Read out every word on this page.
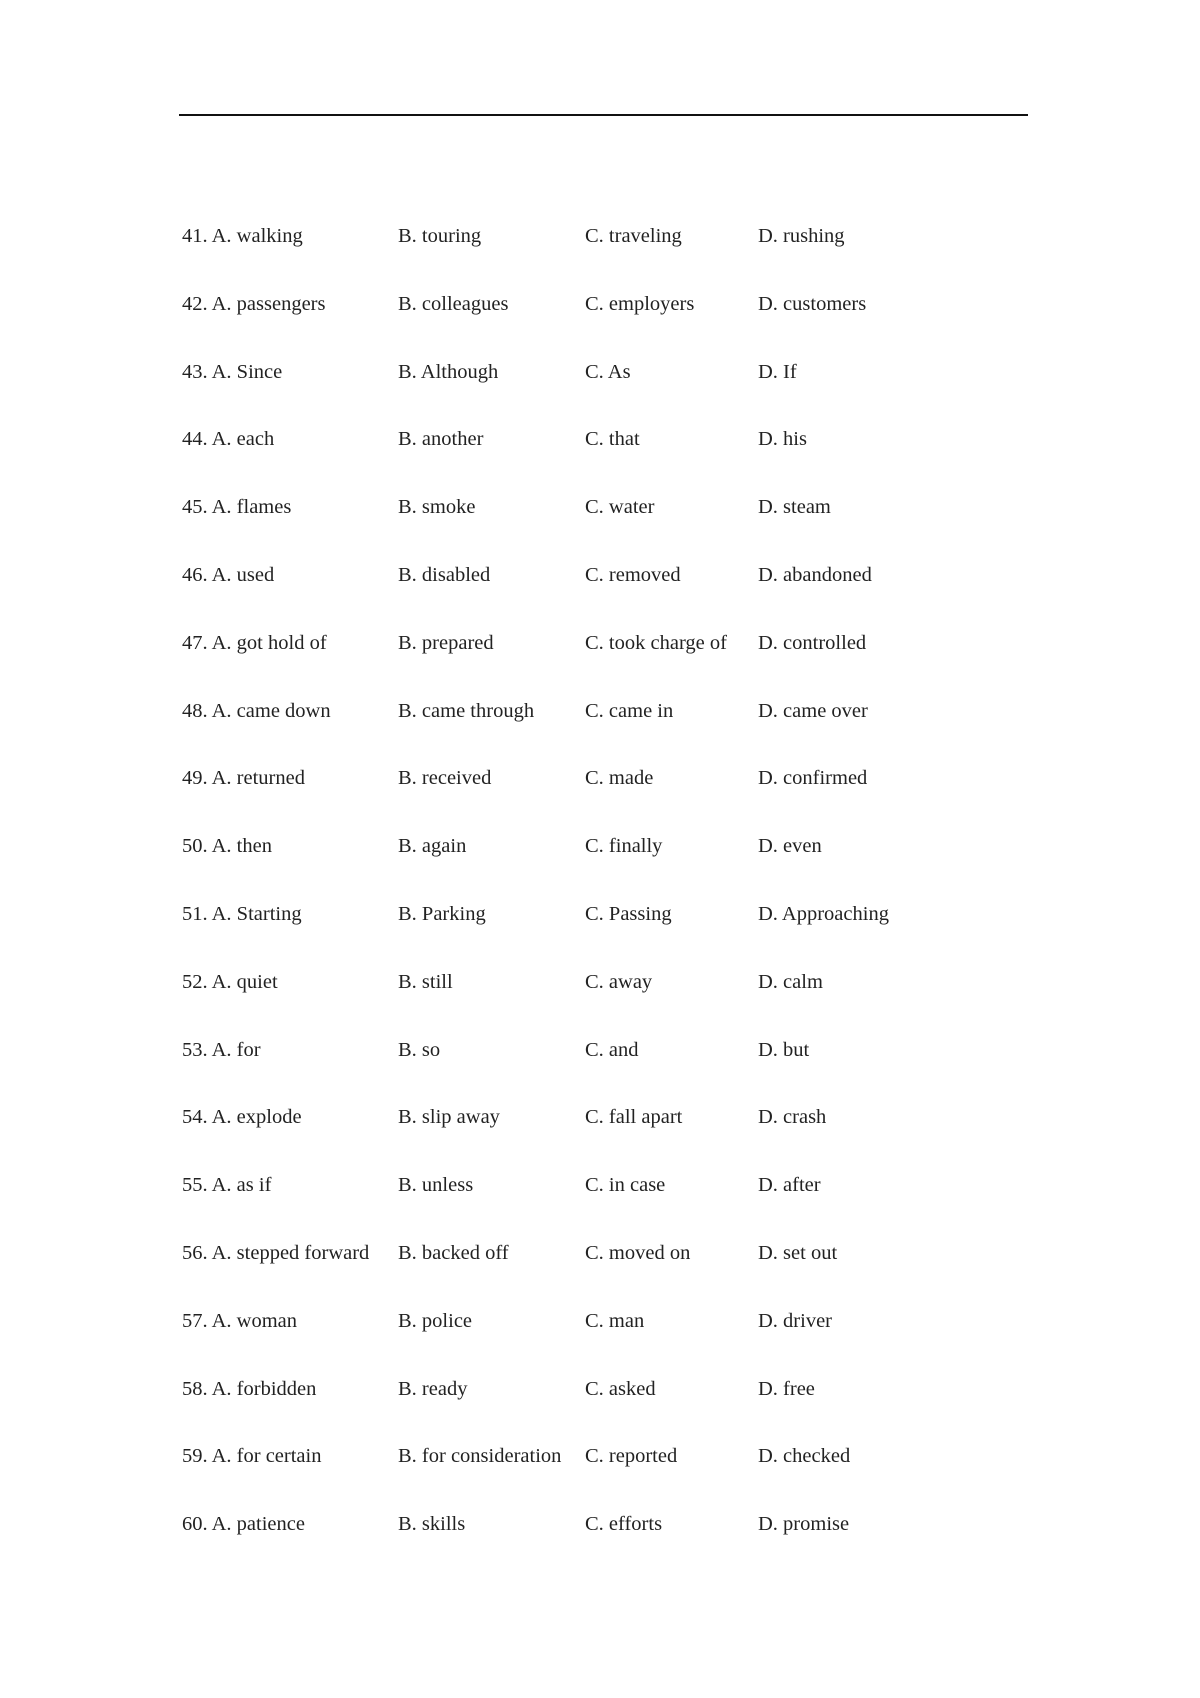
41. A. walking	B. touring	C. traveling	D. rushing
42. A. passengers	B. colleagues	C. employers	D. customers
43. A. Since	B. Although	C. As	D. If
44. A. each	B. another	C. that	D. his
45. A. flames	B. smoke	C. water	D. steam
46. A. used	B. disabled	C. removed	D. abandoned
47. A. got hold of	B. prepared	C. took charge of D. controlled
48. A. came down	B. came through C. came in	D. came over
49. A. returned	B. received	C. made	D. confirmed
50. A. then	B. again	C. finally	D. even
51. A. Starting	B. Parking	C. Passing	D. Approaching
52. A. quiet	B. still	C. away	D. calm
53. A. for	B. so	C. and	D. but
54. A. explode	B. slip away	C. fall apart	D. crash
55. A. as if	B. unless	C. in case	D. after
56. A. stepped forward B. backed off	C. moved on	D. set out
57. A. woman	B. police	C. man	D. driver
58. A. forbidden	B. ready	C. asked	D. free
59. A. for certain	B. for consideration C. reported	D. checked
60. A. patience	B. skills	C. efforts	D. promise
